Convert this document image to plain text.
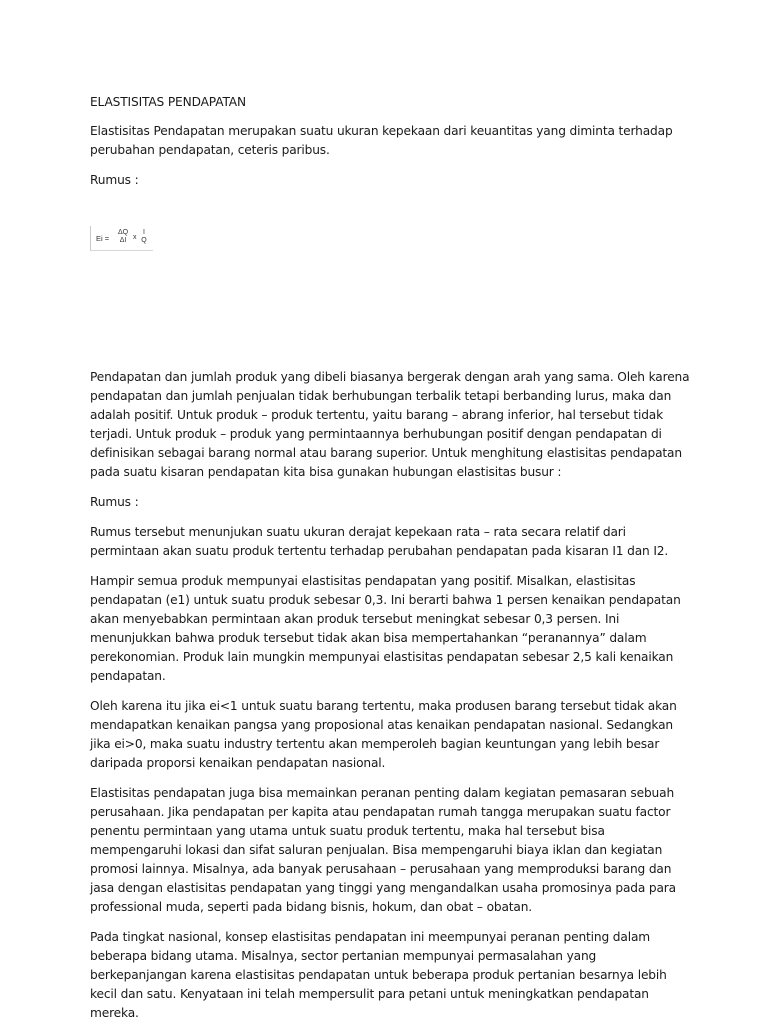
ELASTISITAS PENDAPATAN

Elastisitas Pendapatan merupakan suatu ukuran kepekaan dari keuantitas yang diminta terhadap perubahan pendapatan, ceteris paribus.

Rumus :

Ei =
ΔQ
ΔI x
I
Q

Pendapatan dan jumlah produk yang dibeli biasanya bergerak dengan arah yang sama. Oleh karena pendapatan dan jumlah penjualan tidak berhubungan terbalik tetapi berbanding lurus, maka dan adalah positif. Untuk produk – produk tertentu, yaitu barang – abrang inferior, hal tersebut tidak terjadi. Untuk produk – produk yang permintaannya berhubungan positif dengan pendapatan di definisikan sebagai barang normal atau barang superior. Untuk menghitung elastisitas pendapatan pada suatu kisaran pendapatan kita bisa gunakan hubungan elastisitas busur :

Rumus :

Rumus tersebut menunjukan suatu ukuran derajat kepekaan rata – rata secara relatif dari permintaan akan suatu produk tertentu terhadap perubahan pendapatan pada kisaran I1 dan I2.

Hampir semua produk mempunyai elastisitas pendapatan yang positif. Misalkan, elastisitas pendapatan (e1) untuk suatu produk sebesar 0,3. Ini berarti bahwa 1 persen kenaikan pendapatan akan menyebabkan permintaan akan produk tersebut meningkat sebesar 0,3 persen. Ini menunjukkan bahwa produk tersebut tidak akan bisa mempertahankan “peranannya” dalam perekonomian. Produk lain mungkin mempunyai elastisitas pendapatan sebesar 2,5 kali kenaikan pendapatan.

Oleh karena itu jika ei<1 untuk suatu barang tertentu, maka produsen barang tersebut tidak akan mendapatkan kenaikan pangsa yang proposional atas kenaikan pendapatan nasional. Sedangkan jika ei>0, maka suatu industry tertentu akan memperoleh bagian keuntungan yang lebih besar daripada proporsi kenaikan pendapatan nasional.

Elastisitas pendapatan juga bisa memainkan peranan penting dalam kegiatan pemasaran sebuah perusahaan. Jika pendapatan per kapita atau pendapatan rumah tangga merupakan suatu factor penentu permintaan yang utama untuk suatu produk tertentu, maka hal tersebut bisa mempengaruhi lokasi dan sifat saluran penjualan. Bisa mempengaruhi biaya iklan dan kegiatan promosi lainnya. Misalnya, ada banyak perusahaan – perusahaan yang memproduksi barang dan jasa dengan elastisitas pendapatan yang tinggi yang mengandalkan usaha promosinya pada para professional muda, seperti pada bidang bisnis, hokum, dan obat – obatan.

Pada tingkat nasional, konsep elastisitas pendapatan ini meempunyai peranan penting dalam beberapa bidang utama. Misalnya, sector pertanian mempunyai permasalahan yang berkepanjangan karena elastisitas pendapatan untuk beberapa produk pertanian besarnya lebih kecil dan satu. Kenyataan ini telah mempersulit para petani untuk meningkatkan pendapatan mereka.
